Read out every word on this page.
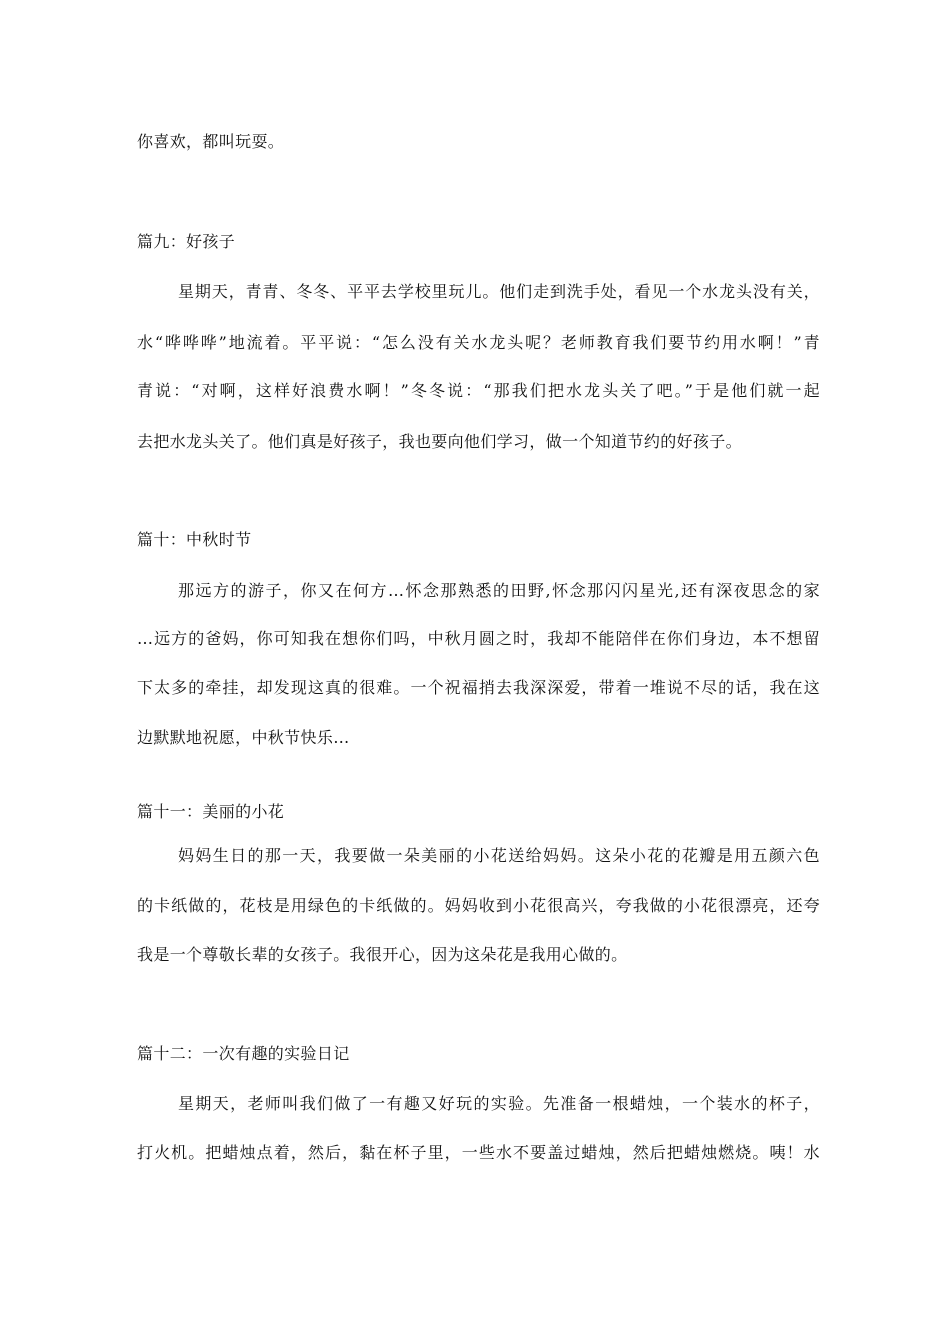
你喜欢，都叫玩耍。
篇九：好孩子
星期天，青青、冬冬、平平去学校里玩儿。他们走到洗手处，看见一个水龙头没有关，
水“哗哗哗”地流着。平平说：“怎么没有关水龙头呢？老师教育我们要节约用水啊！”青
青说：“对啊，这样好浪费水啊！”冬冬说：“那我们把水龙头关了吧。”于是他们就一起
去把水龙头关了。他们真是好孩子，我也要向他们学习，做一个知道节约的好孩子。
篇十：中秋时节
那远方的游子，你又在何方…怀念那熟悉的田野,怀念那闪闪星光,还有深夜思念的家
…远方的爸妈，你可知我在想你们吗，中秋月圆之时，我却不能陪伴在你们身边，本不想留
下太多的牵挂，却发现这真的很难。一个祝福捎去我深深爱，带着一堆说不尽的话，我在这
边默默地祝愿，中秋节快乐…
篇十一：美丽的小花
妈妈生日的那一天，我要做一朵美丽的小花送给妈妈。这朵小花的花瓣是用五颜六色
的卡纸做的，花枝是用绿色的卡纸做的。妈妈收到小花很高兴，夸我做的小花很漂亮，还夸
我是一个尊敬长辈的女孩子。我很开心，因为这朵花是我用心做的。
篇十二：一次有趣的实验日记
星期天，老师叫我们做了一有趣又好玩的实验。先准备一根蜡烛，一个装水的杯子，
打火机。把蜡烛点着，然后，黏在杯子里，一些水不要盖过蜡烛，然后把蜡烛燃烧。咦！水
